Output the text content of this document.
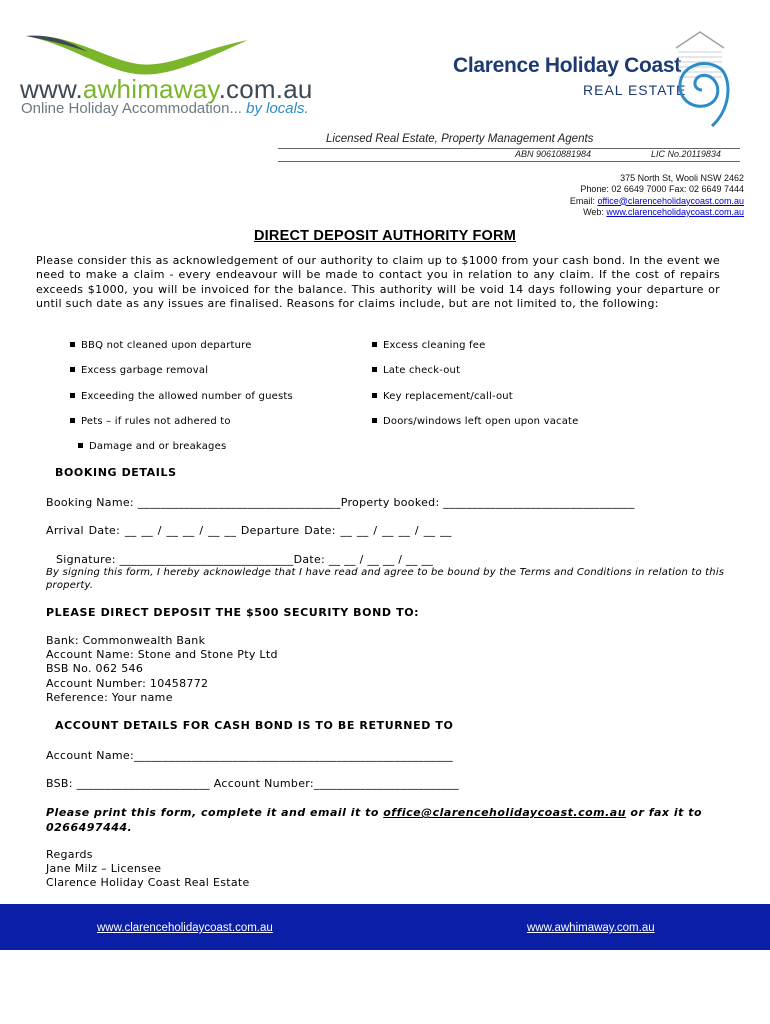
www.awhimaway.com.au
Online Holiday Accommodation... by locals.
Clarence Holiday Coast
REAL ESTATE
Licensed Real Estate, Property Management Agents
ABN 90610881984	LIC No.20119834
375 North St, Wooli NSW 2462
Phone: 02 6649 7000 Fax: 02 6649 7444
Email: office@clarenceholidaycoast.com.au
Web: www.clarenceholidaycoast.com.au
DIRECT DEPOSIT AUTHORITY FORM
Please consider this as acknowledgement of our authority to claim up to $1000 from your cash bond. In the event we need to make a claim - every endeavour will be made to contact you in relation to any claim. If the cost of repairs exceeds $1000, you will be invoiced for the balance. This authority will be void 14 days following your departure or until such date as any issues are finalised. Reasons for claims include, but are not limited to, the following:
BBQ not cleaned upon departure
Excess garbage removal
Exceeding the allowed number of guests
Pets – if rules not adhered to
Excess cleaning fee
Late check-out
Key replacement/call-out
Doors/windows left open upon vacate
Damage and or breakages
BOOKING DETAILS
Booking Name: ___________________________________Property booked: _________________________________
Arrival Date: __ __ / __ __ / __ __ Departure Date: __ __ / __ __ / __ __
Signature: ______________________________Date: __ __ / __ __ / __ __
By signing this form, I hereby acknowledge that I have read and agree to be bound by the Terms and Conditions in relation to this property.
PLEASE DIRECT DEPOSIT THE $500 SECURITY BOND TO:
Bank: Commonwealth Bank
Account Name: Stone and Stone Pty Ltd
BSB No. 062 546
Account Number: 10458772
Reference: Your name
ACCOUNT DETAILS FOR CASH BOND IS TO BE RETURNED TO
Account Name:_______________________________________________________
BSB: _______________________ Account Number:_________________________
Please print this form, complete it and email it to office@clarenceholidaycoast.com.au or fax it to 0266497444.
Regards
Jane Milz – Licensee
Clarence Holiday Coast Real Estate
www.clarenceholidaycoast.com.au	www.awhimaway.com.au
